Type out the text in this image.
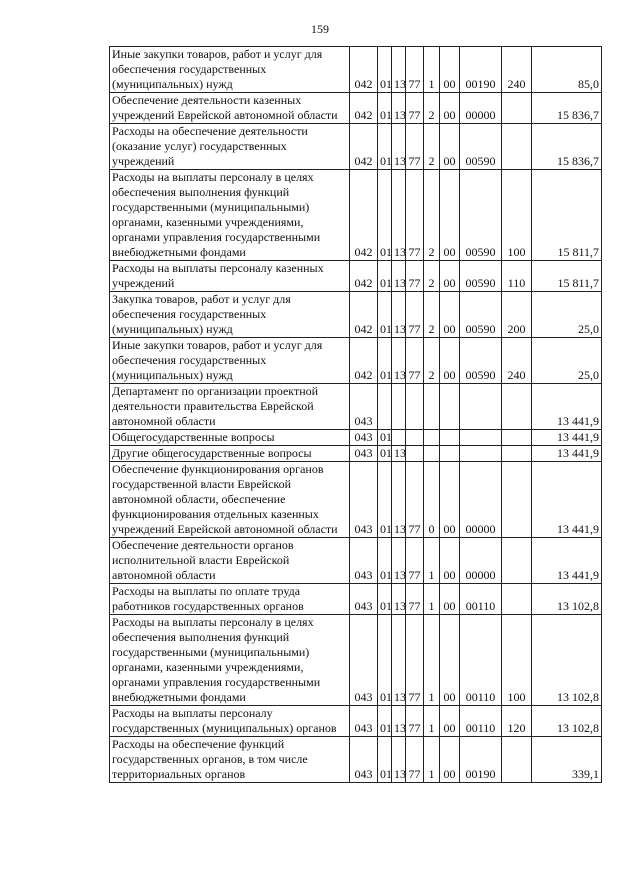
159
Иные закупки товаров, работ и услуг для обеспечения государственных (муниципальных) нужд	042	01	13	77	1	00	00190	240	85,0
Обеспечение деятельности казенных учреждений Еврейской автономной области	042	01	13	77	2	00	00000		15 836,7
Расходы на обеспечение деятельности (оказание услуг) государственных учреждений	042	01	13	77	2	00	00590		15 836,7
Расходы на выплаты персоналу в целях обеспечения выполнения функций государственными (муниципальными) органами, казенными учреждениями, органами управления государственными внебюджетными фондами	042	01	13	77	2	00	00590	100	15 811,7
Расходы на выплаты персоналу казенных учреждений	042	01	13	77	2	00	00590	110	15 811,7
Закупка товаров, работ и услуг для обеспечения государственных (муниципальных) нужд	042	01	13	77	2	00	00590	200	25,0
Иные закупки товаров, работ и услуг для обеспечения государственных (муниципальных) нужд	042	01	13	77	2	00	00590	240	25,0
Департамент по организации проектной деятельности правительства Еврейской автономной области	043								13 441,9
Общегосударственные вопросы	043	01							13 441,9
Другие общегосударственные вопросы	043	01	13						13 441,9
Обеспечение функционирования органов государственной власти Еврейской автономной области, обеспечение функционирования отдельных казенных учреждений Еврейской автономной области	043	01	13	77	0	00	00000		13 441,9
Обеспечение деятельности органов исполнительной власти Еврейской автономной области	043	01	13	77	1	00	00000		13 441,9
Расходы на выплаты по оплате труда работников государственных органов	043	01	13	77	1	00	00110		13 102,8
Расходы на выплаты персоналу в целях обеспечения выполнения функций государственными (муниципальными) органами, казенными учреждениями, органами управления государственными внебюджетными фондами	043	01	13	77	1	00	00110	100	13 102,8
Расходы на выплаты персоналу государственных (муниципальных) органов	043	01	13	77	1	00	00110	120	13 102,8
Расходы на обеспечение функций государственных органов, в том числе территориальных органов	043	01	13	77	1	00	00190		339,1
